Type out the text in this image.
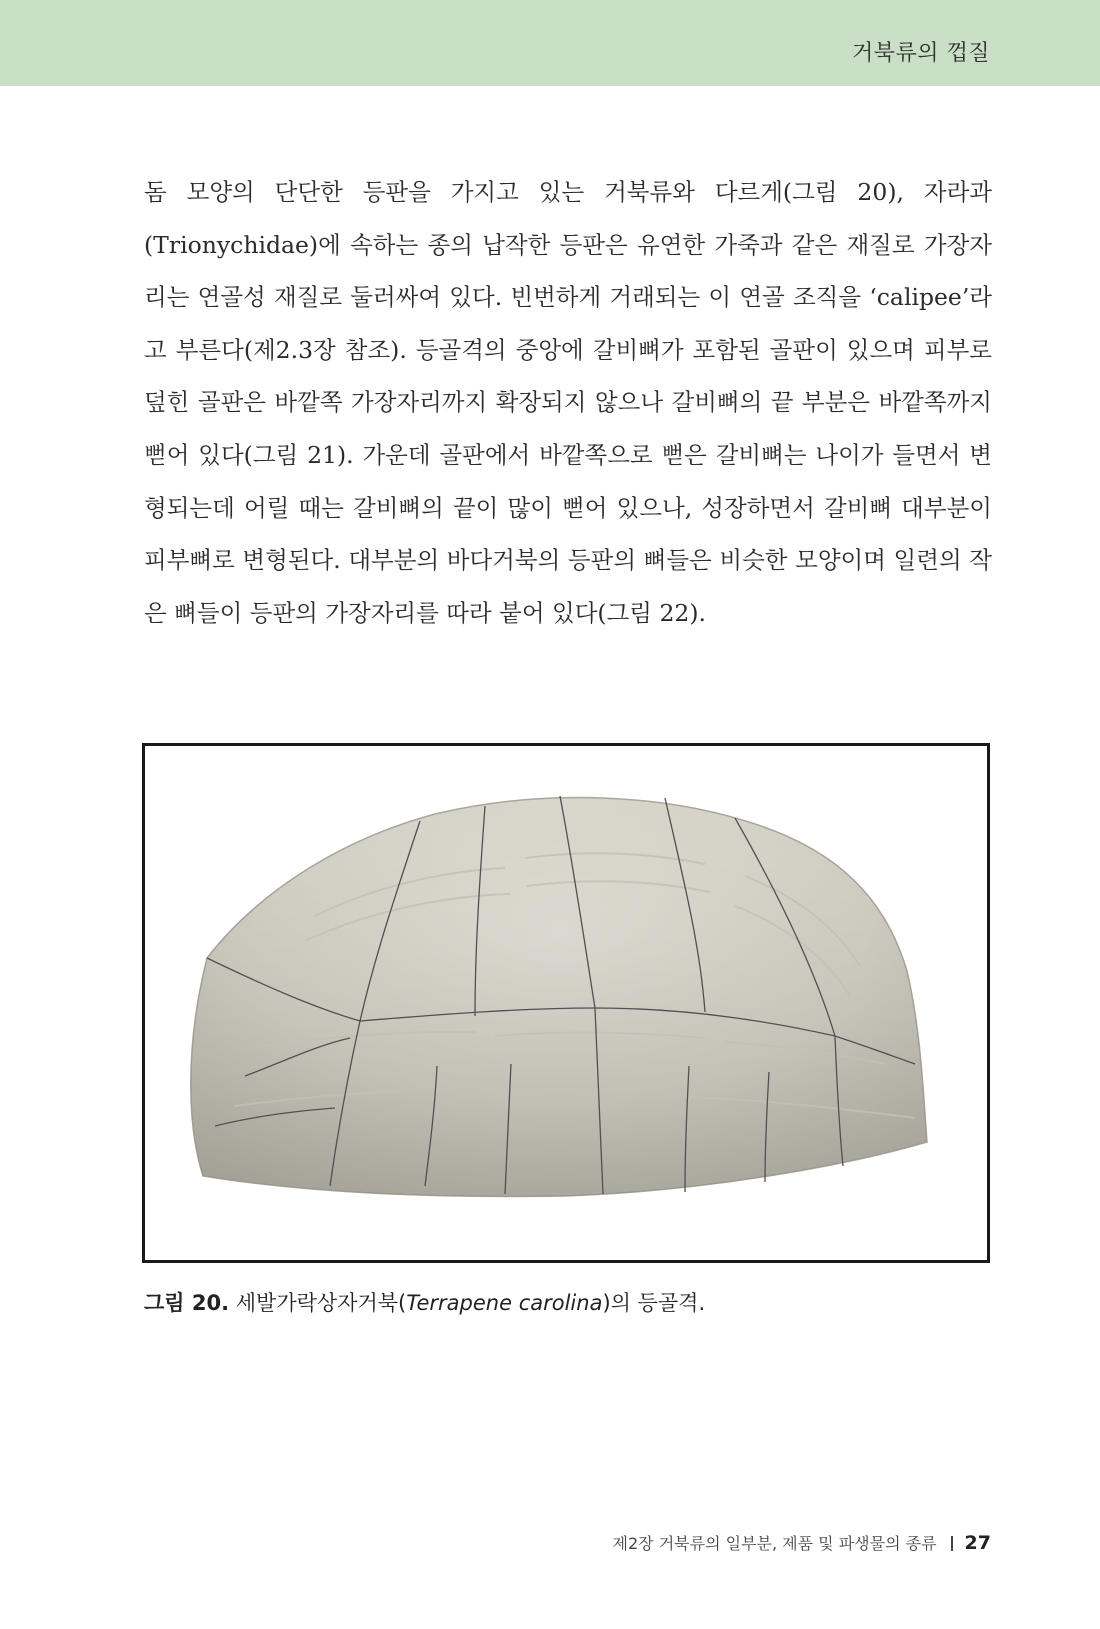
거북류의 껍질

돔 모양의 단단한 등판을 가지고 있는 거북류와 다르게(그림 20), 자라과(Trionychidae)에 속하는 종의 납작한 등판은 유연한 가죽과 같은 재질로 가장자리는 연골성 재질로 둘러싸여 있다. 빈번하게 거래되는 이 연골 조직을 ‘calipee’라고 부른다(제2.3장 참조). 등골격의 중앙에 갈비뼈가 포함된 골판이 있으며 피부로 덮힌 골판은 바깥쪽 가장자리까지 확장되지 않으나 갈비뼈의 끝 부분은 바깥쪽까지 뻗어 있다(그림 21). 가운데 골판에서 바깥쪽으로 뻗은 갈비뼈는 나이가 들면서 변형되는데 어릴 때는 갈비뼈의 끝이 많이 뻗어 있으나, 성장하면서 갈비뼈 대부분이 피부뼈로 변형된다. 대부분의 바다거북의 등판의 뼈들은 비슷한 모양이며 일련의 작은 뼈들이 등판의 가장자리를 따라 붙어 있다(그림 22).

그림 20. 세발가락상자거북(Terrapene carolina)의 등골격.
제2장 거북류의 일부분, 제품 및 파생물의 종류 27
